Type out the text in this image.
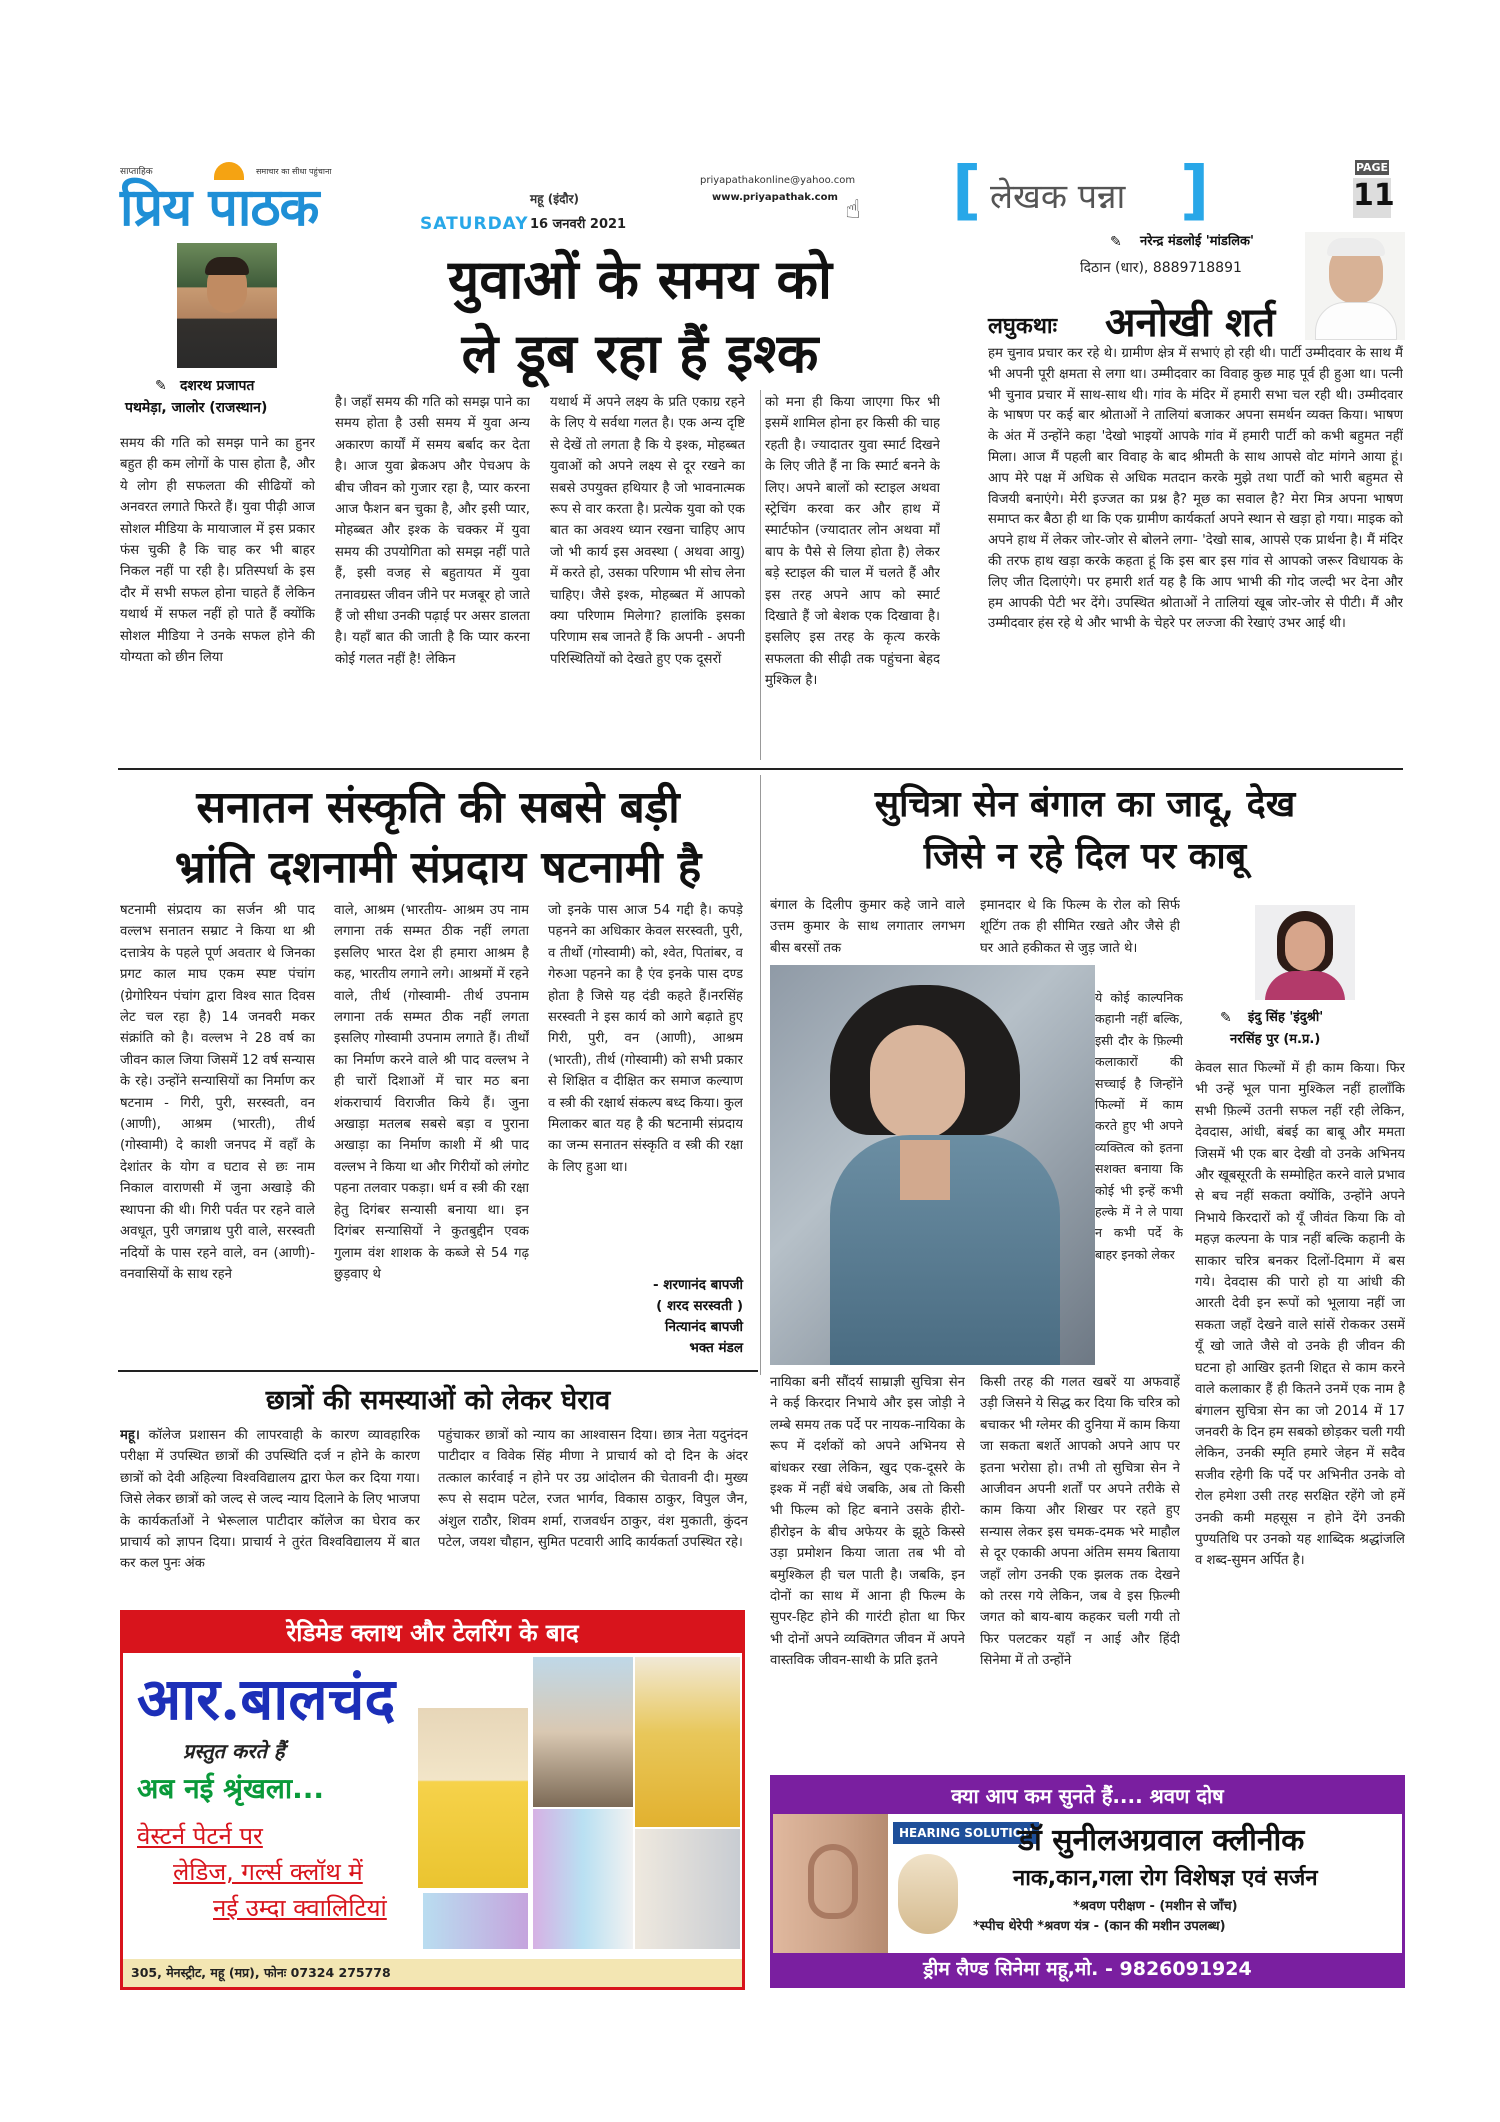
साप्ताहिक	समाचार का सीधा पहुंचाना
प्रिय पाठक	SATURDAY
महू (इंदौर)
16 जनवरी 2021
priyapathakonline@yahoo.com
www.priyapathak.com ☝ [ लेखक पन्ना ]	PAGE
11
✎ दशरथ प्रजापत
पथमेड़ा, जालोर (राजस्थान)
युवाओं के समय को
ले डूब रहा हैं इश्क
समय की गति को समझ पाने का हुनर बहुत ही कम लोगों के पास होता है, और ये लोग ही सफलता की सीढियों को अनवरत लगाते फिरते हैं। युवा पीढ़ी आज सोशल मीडिया के मायाजाल में इस प्रकार फंस चुकी है कि चाह कर भी बाहर निकल नहीं पा रही है। प्रतिस्पर्धा के इस दौर में सभी सफल होना चाहते हैं लेकिन यथार्थ में सफल नहीं हो पाते हैं क्योंकि सोशल मीडिया ने उनके सफल होने की योग्यता को छीन लिया
है। जहाँ समय की गति को समझ पाने का समय होता है उसी समय में युवा अन्य अकारण कार्यों में समय बर्बाद कर देता है। आज युवा ब्रेकअप और पेचअप के बीच जीवन को गुजार रहा है, प्यार करना आज फैशन बन चुका है, और इसी प्यार, मोहब्बत और इश्क के चक्कर में युवा समय की उपयोगिता को समझ नहीं पाते हैं, इसी वजह से बहुतायत में युवा तनावग्रस्त जीवन जीने पर मजबूर हो जाते हैं जो सीधा उनकी पढ़ाई पर असर डालता है। यहाँ बात की जाती है कि प्यार करना कोई गलत नहीं है! लेकिन
यथार्थ में अपने लक्ष्य के प्रति एकाग्र रहने के लिए ये सर्वथा गलत है। एक अन्य दृष्टि से देखें तो लगता है कि ये इश्क, मोहब्बत युवाओं को अपने लक्ष्य से दूर रखने का सबसे उपयुक्त हथियार है जो भावनात्मक रूप से वार करता है। प्रत्येक युवा को एक बात का अवश्य ध्यान रखना चाहिए आप जो भी कार्य इस अवस्था ( अथवा आयु) में करते हो, उसका परिणाम भी सोच लेना चाहिए। जैसे इश्क, मोहब्बत में आपको क्या परिणाम मिलेगा? हालांकि इसका परिणाम सब जानते हैं कि अपनी - अपनी परिस्थितियों को देखते हुए एक दूसरों
को मना ही किया जाएगा फिर भी इसमें शामिल होना हर किसी की चाह रहती है। ज्यादातर युवा स्मार्ट दिखने के लिए जीते हैं ना कि स्मार्ट बनने के लिए। अपने बालों को स्टाइल अथवा स्ट्रेचिंग करवा कर और हाथ में स्मार्टफोन (ज्यादातर लोन अथवा माँ बाप के पैसे से लिया होता है) लेकर बड़े स्टाइल की चाल में चलते हैं और इस तरह अपने आप को स्मार्ट दिखाते हैं जो बेशक एक दिखावा है। इसलिए इस तरह के कृत्य करके सफलता की सीढ़ी तक पहुंचना बेहद मुश्किल है।
✎ नरेन्द्र मंडलोई 'मांडलिक'
दिठान (धार), 8889718891
लघुकथाः अनोखी शर्त
हम चुनाव प्रचार कर रहे थे। ग्रामीण क्षेत्र में सभाएं हो रही थी। पार्टी उम्मीदवार के साथ मैं भी अपनी पूरी क्षमता से लगा था। उम्मीदवार का विवाह कुछ माह पूर्व ही हुआ था। पत्नी भी चुनाव प्रचार में साथ-साथ थी। गांव के मंदिर में हमारी सभा चल रही थी। उम्मीदवार के भाषण पर कई बार श्रोताओं ने तालियां बजाकर अपना समर्थन व्यक्त किया। भाषण के अंत में उन्होंने कहा 'देखो भाइयों आपके गांव में हमारी पार्टी को कभी बहुमत नहीं मिला। आज मैं पहली बार विवाह के बाद श्रीमती के साथ आपसे वोट मांगने आया हूं। आप मेरे पक्ष में अधिक से अधिक मतदान करके मुझे तथा पार्टी को भारी बहुमत से विजयी बनाएंगे। मेरी इज्जत का प्रश्न है? मूछ का सवाल है? मेरा मित्र अपना भाषण समाप्त कर बैठा ही था कि एक ग्रामीण कार्यकर्ता अपने स्थान से खड़ा हो गया। माइक को अपने हाथ में लेकर जोर-जोर से बोलने लगा- 'देखो साब, आपसे एक प्रार्थना है। मैं मंदिर की तरफ हाथ खड़ा करके कहता हूं कि इस बार इस गांव से आपको जरूर विधायक के लिए जीत दिलाएंगे। पर हमारी शर्त यह है कि आप भाभी की गोद जल्दी भर देना और हम आपकी पेटी भर देंगे। उपस्थित श्रोताओं ने तालियां खूब जोर-जोर से पीटी। मैं और उम्मीदवार हंस रहे थे और भाभी के चेहरे पर लज्जा की रेखाएं उभर आई थी।
सनातन संस्कृति की सबसे बड़ी
भ्रांति दशनामी संप्रदाय षटनामी है
षटनामी संप्रदाय का सर्जन श्री पाद वल्लभ सनातन सम्राट ने किया था श्री दत्तात्रेय के पहले पूर्ण अवतार थे जिनका प्रगट काल माघ एकम स्पष्ट पंचांग (ग्रेगोरियन पंचांग द्वारा विश्व सात दिवस लेट चल रहा है) 14 जनवरी मकर संक्रांति को है। वल्लभ ने 28 वर्ष का जीवन काल जिया जिसमें 12 वर्ष सन्यास के रहे। उन्होंने सन्यासियों का निर्माण कर षटनाम - गिरी, पुरी, सरस्वती, वन (आणी), आश्रम (भारती), तीर्थ (गोस्वामी) दे काशी जनपद में वहाँ के देशांतर के योग व घटाव से छः नाम निकाल वाराणसी में जुना अखाड़े की स्थापना की थी। गिरी पर्वत पर रहने वाले अवधूत, पुरी जगन्नाथ पुरी वाले, सरस्वती नदियों के पास रहने वाले, वन (आणी)- वनवासियों के साथ रहने
वाले, आश्रम (भारतीय- आश्रम उप नाम लगाना तर्क सम्मत ठीक नहीं लगता इसलिए भारत देश ही हमारा आश्रम है कह, भारतीय लगाने लगे। आश्रमों में रहने वाले, तीर्थ (गोस्वामी- तीर्थ उपनाम लगाना तर्क सम्मत ठीक नहीं लगता इसलिए गोस्वामी उपनाम लगाते हैं। तीर्थों का निर्माण करने वाले श्री पाद वल्लभ ने ही चारों दिशाओं में चार मठ बना शंकराचार्य विराजीत किये हैं। जुना अखाड़ा मतलब सबसे बड़ा व पुराना अखाड़ा का निर्माण काशी में श्री पाद वल्लभ ने किया था और गिरीयों को लंगोट पहना तलवार पकड़ा। धर्म व स्त्री की रक्षा हेतु दिगंबर सन्यासी बनाया था। इन दिगंबर सन्यासियों ने कुतबुद्दीन एवक गुलाम वंश शाशक के कब्जे से 54 गढ़ छुड़वाए थे
जो इनके पास आज 54 गद्दी है। कपड़े पहनने का अधिकार केवल सरस्वती, पुरी, व तीर्थो (गोस्वामी) को, श्वेत, पितांबर, व गेरुआ पहनने का है एंव इनके पास दण्ड होता है जिसे यह दंडी कहते हैं।नरसिंह सरस्वती ने इस कार्य को आगे बढ़ाते हुए गिरी, पुरी, वन (आणी), आश्रम (भारती), तीर्थ (गोस्वामी) को सभी प्रकार से शिक्षित व दीक्षित कर समाज कल्याण व स्त्री की रक्षार्थ संकल्प बध्द किया। कुल मिलाकर बात यह है की षटनामी संप्रदाय का जन्म सनातन संस्कृति व स्त्री की रक्षा के लिए हुआ था।
- शरणानंद बापजी
( शरद सरस्वती )
नित्यानंद बापजी
भक्त मंडल
छात्रों की समस्याओं को लेकर घेराव
महू। कॉलेज प्रशासन की लापरवाही के कारण व्यावहारिक परीक्षा में उपस्थित छात्रों की उपस्थिति दर्ज न होने के कारण छात्रों को देवी अहिल्या विश्वविद्यालय द्वारा फेल कर दिया गया। जिसे लेकर छात्रों को जल्द से जल्द न्याय दिलाने के लिए भाजपा के कार्यकर्ताओं ने भेरूलाल पाटीदार कॉलेज का घेराव कर प्राचार्य को ज्ञापन दिया। प्राचार्य ने तुरंत विश्वविद्यालय में बात कर कल पुनः अंक
पहुंचाकर छात्रों को न्याय का आश्वासन दिया। छात्र नेता यदुनंदन पाटीदार व विवेक सिंह मीणा ने प्राचार्य को दो दिन के अंदर तत्काल कार्रवाई न होने पर उग्र आंदोलन की चेतावनी दी। मुख्य रूप से सदाम पटेल, रजत भार्गव, विकास ठाकुर, विपुल जैन, अंशुल राठौर, शिवम शर्मा, राजवर्धन ठाकुर, वंश मुकाती, कुंदन पटेल, जयश चौहान, सुमित पटवारी आदि कार्यकर्ता उपस्थित रहे।
रेडिमेड क्लाथ और टेलरिंग के बाद
आर.बालचंद
प्रस्तुत करते हैं
अब नई श्रृंखला...
वेस्टर्न पेटर्न पर
लेडिज, गर्ल्स क्लॉथ में
नई उम्दा क्वालिटियां
305, मेनस्ट्रीट, महू (मप्र), फोनः 07324 275778
सुचित्रा सेन बंगाल का जादू, देख
जिसे न रहे दिल पर काबू
बंगाल के दिलीप कुमार कहे जाने वाले उत्तम कुमार के साथ लगातार लगभग बीस बरसों तक
इमानदार थे कि फिल्म के रोल को सिर्फ शूटिंग तक ही सीमित रखते और जैसे ही घर आते हकीकत से जुड़ जाते थे।
ये कोई काल्पनिक कहानी नहीं बल्कि, इसी दौर के फ़िल्मी कलाकारों की सच्चाई है जिन्होंने फिल्मों में काम करते हुए भी अपने व्यक्तित्व को इतना सशक्त बनाया कि कोई भी इन्हें कभी हल्के में ने ले पाया न कभी पर्दे के बाहर इनको लेकर
✎ इंदु सिंह 'इंदुश्री'
नरसिंह पुर (म.प्र.)
केवल सात फिल्मों में ही काम किया। फिर भी उन्हें भूल पाना मुश्किल नहीं हालाँकि सभी फ़िल्में उतनी सफल नहीं रही लेकिन, देवदास, आंधी, बंबई का बाबू और ममता जिसमें भी एक बार देखी वो उनके अभिनय और खूबसूरती के सम्मोहित करने वाले प्रभाव से बच नहीं सकता क्योंकि, उन्होंने अपने निभाये किरदारों को यूँ जीवंत किया कि वो महज़ कल्पना के पात्र नहीं बल्कि कहानी के साकार चरित्र बनकर दिलों-दिमाग में बस गये। देवदास की पारो हो या आंधी की आरती देवी इन रूपों को भूलाया नहीं जा सकता जहाँ देखने वाले सांसें रोककर उसमें यूँ खो जाते जैसे वो उनके ही जीवन की घटना हो आखिर इतनी शिद्दत से काम करने वाले कलाकार हैं ही कितने उनमें एक नाम है बंगालन सुचित्रा सेन का जो 2014 में 17 जनवरी के दिन हम सबको छोड़कर चली गयी लेकिन, उनकी स्मृति हमारे जेहन में सदैव सजीव रहेगी कि पर्दे पर अभिनीत उनके वो रोल हमेशा उसी तरह सरक्षित रहेंगे जो हमें उनकी कमी महसूस न होने देंगे उनकी पुण्यतिथि पर उनको यह शाब्दिक श्रद्धांजलि व शब्द-सुमन अर्पित है।
नायिका बनी सौंदर्य साम्राज्ञी सुचित्रा सेन ने कई किरदार निभाये और इस जोड़ी ने लम्बे समय तक पर्दे पर नायक-नायिका के रूप में दर्शकों को अपने अभिनय से बांधकर रखा लेकिन, खुद एक-दूसरे के इश्क में नहीं बंधे जबकि, अब तो किसी भी फिल्म को हिट बनाने उसके हीरो-हीरोइन के बीच अफेयर के झूठे किस्से उड़ा प्रमोशन किया जाता तब भी वो बमुश्किल ही चल पाती है। जबकि, इन दोनों का साथ में आना ही फिल्म के सुपर-हिट होने की गारंटी होता था फिर भी दोनों अपने व्यक्तिगत जीवन में अपने वास्तविक जीवन-साथी के प्रति इतने
किसी तरह की गलत खबरें या अफवाहें उड़ी जिसने ये सिद्ध कर दिया कि चरित्र को बचाकर भी ग्लेमर की दुनिया में काम किया जा सकता बशर्ते आपको अपने आप पर इतना भरोसा हो। तभी तो सुचित्रा सेन ने आजीवन अपनी शर्तों पर अपने तरीके से काम किया और शिखर पर रहते हुए सन्यास लेकर इस चमक-दमक भरे माहौल से दूर एकाकी अपना अंतिम समय बिताया जहाँ लोग उनकी एक झलक तक देखने को तरस गये लेकिन, जब वे इस फ़िल्मी जगत को बाय-बाय कहकर चली गयी तो फिर पलटकर यहाँ न आई और हिंदी सिनेमा में तो उन्होंने
क्या आप कम सुनते हैं.... श्रवण दोष
HEARING SOLUTION
डॉ सुनीलअग्रवाल क्लीनीक
नाक,कान,गला रोग विशेषज्ञ एवं सर्जन
*श्रवण परीक्षण - (मशीन से जाँच)
*स्पीच थेरेपी *श्रवण यंत्र - (कान की मशीन उपलब्ध)
ड्रीम लैण्ड सिनेमा महू,मो. - 9826091924
